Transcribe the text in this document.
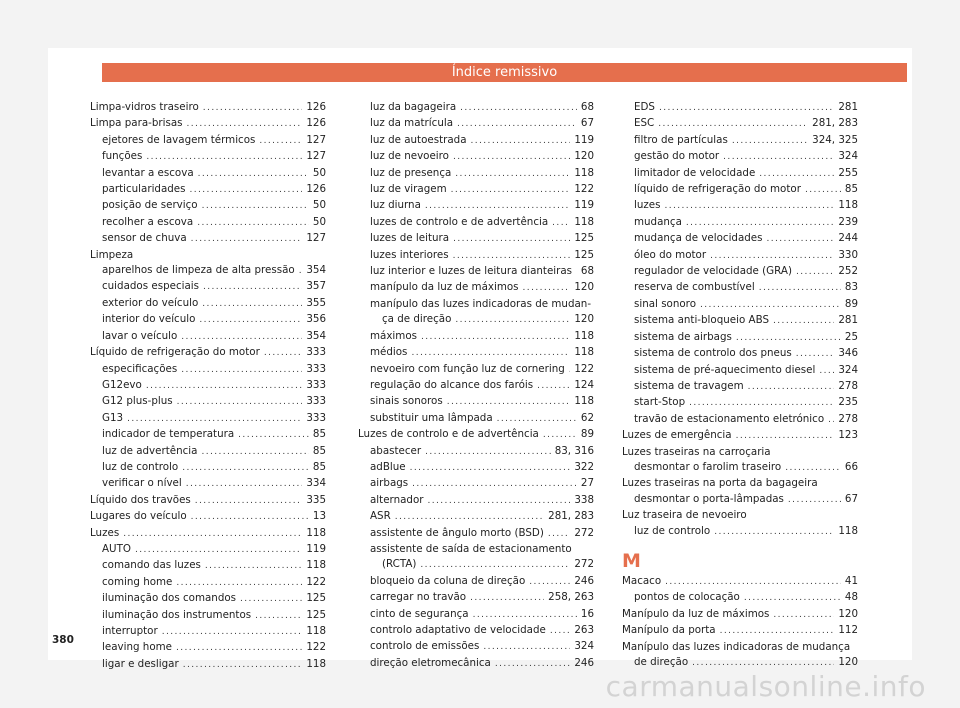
Índice remissivo
Limpa-vidros traseiro .....	126
Limpa para-brisas .....	126
ejetores de lavagem térmicos .....	127
funções .....	127
levantar a escova .....	50
particularidades .....	126
posição de serviço .....	50
recolher a escova .....	50
sensor de chuva .....	127
Limpeza
aparelhos de limpeza de alta pressão ..... 354
cuidados especiais .....	357
exterior do veículo .....	355
interior do veículo .....	356
lavar o veículo .....	354
Líquido de refrigeração do motor .....	333
especificações .....	333
G12evo .....	333
G12 plus-plus .....	333
G13 .....	333
indicador de temperatura .....	85
luz de advertência .....	85
luz de controlo .....	85
verificar o nível .....	334
Líquido dos travões .....	335
Lugares do veículo .....	13
Luzes .....	118
AUTO .....	119
comando das luzes .....	118
coming home .....	122
iluminação dos comandos .....	125
iluminação dos instrumentos .....	125
interruptor .....	118
leaving home .....	122
ligar e desligar .....	118
luz da bagageira .....	68
luz da matrícula .....	67
luz de autoestrada .....	119
luz de nevoeiro .....	120
luz de presença .....	118
luz de viragem .....	122
luz diurna .....	119
luzes de controlo e de advertência .....	118
luzes de leitura .....	125
luzes interiores .....	125
luz interior e luzes de leitura dianteiras ..... 68
manípulo da luz de máximos .....	120
manípulo das luzes indicadoras de mudan-
ça de direção .....	120
máximos .....	118
médios .....	118
nevoeiro com função luz de cornering ..... 122
regulação do alcance dos faróis .....	124
sinais sonoros .....	118
substituir uma lâmpada .....	62
Luzes de controlo e de advertência .....	89
abastecer .....	83, 316
adBlue .....	322
airbags .....	27
alternador .....	338
ASR .....	281, 283
assistente de ângulo morto (BSD) .....	272
assistente de saída de estacionamento
(RCTA) .....	272
bloqueio da coluna de direção .....	246
carregar no travão .....	258, 263
cinto de segurança .....	16
controlo adaptativo de velocidade .....	263
controlo de emissões .....	324
direção eletromecânica .....	246
EDS .....	281
ESC .....	281, 283
filtro de partículas .....	324, 325
gestão do motor .....	324
limitador de velocidade .....	255
líquido de refrigeração do motor .....	85
luzes .....	118
mudança .....	239
mudança de velocidades .....	244
óleo do motor .....	330
regulador de velocidade (GRA) .....	252
reserva de combustível .....	83
sinal sonoro .....	89
sistema anti-bloqueio ABS .....	281
sistema de airbags .....	25
sistema de controlo dos pneus .....	346
sistema de pré-aquecimento diesel ..... 324
sistema de travagem .....	278
start-Stop .....	235
travão de estacionamento eletrónico ..... 278
Luzes de emergência .....	123
Luzes traseiras na carroçaria
desmontar o farolim traseiro .....	66
Luzes traseiras na porta da bagageira
desmontar o porta-lâmpadas .....	67
Luz traseira de nevoeiro
luz de controlo .....	118
M
Macaco .....	41
pontos de colocação .....	48
Manípulo da luz de máximos .....	120
Manípulo da porta .....	112
Manípulo das luzes indicadoras de mudança
de direção .....	120
380
carmanualsonline.info
